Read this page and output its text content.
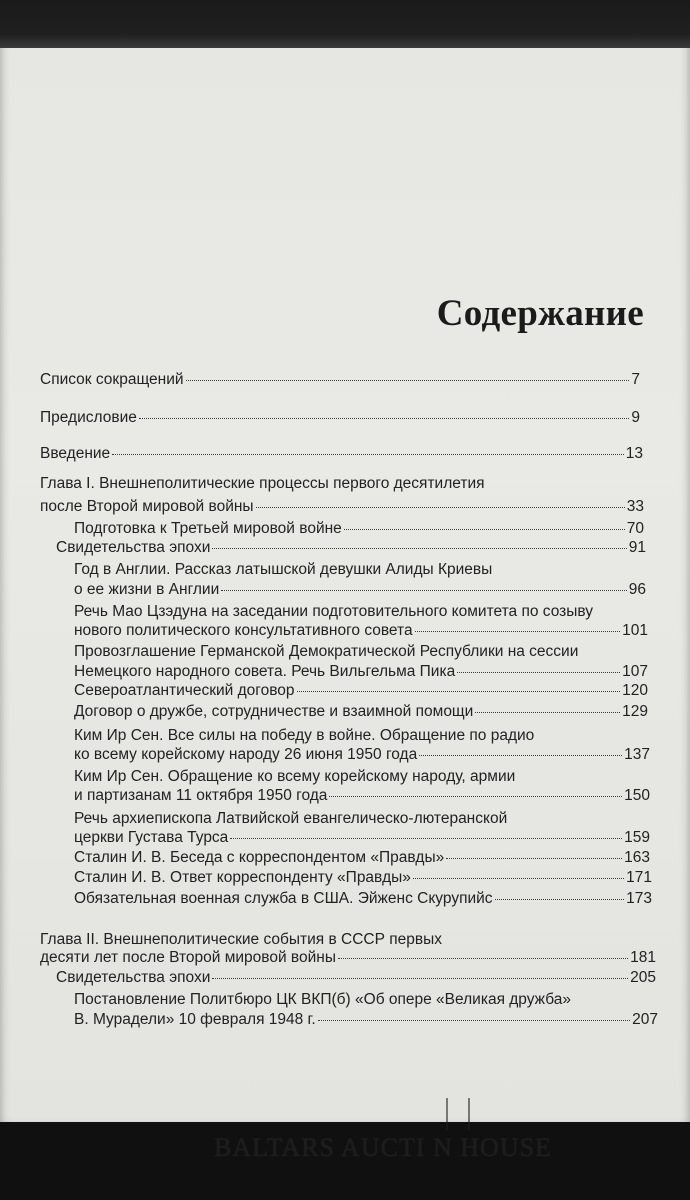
Содержание
Список сокращений	7
Предисловие	9
Введение	13
Глава I. Внешнеполитические процессы первого десятилетия
после Второй мировой войны	33
Подготовка к Третьей мировой войне	70
Свидетельства эпохи	91
Год в Англии. Рассказ латышской девушки Алиды Криевы
о ее жизни в Англии	96
Речь Мао Цзэдуна на заседании подготовительного комитета по созыву
нового политического консультативного совета	101
Провозглашение Германской Демократической Республики на сессии
Немецкого народного совета. Речь Вильгельма Пика	107
Североатлантический договор	120
Договор о дружбе, сотрудничестве и взаимной помощи	129
Ким Ир Сен. Все силы на победу в войне. Обращение по радио
ко всему корейскому народу 26 июня 1950 года	137
Ким Ир Сен. Обращение ко всему корейскому народу, армии
и партизанам 11 октября 1950 года	150
Речь архиепископа Латвийской евангелическо-лютеранской
церкви Густава Турса	159
Сталин И. В. Беседа с корреспондентом «Правды»	163
Сталин И. В. Ответ корреспонденту «Правды»	171
Обязательная военная служба в США. Эйженс Скурупийс	173
Глава II. Внешнеполитические события в СССР первых
десяти лет после Второй мировой войны	181
Свидетельства эпохи	205
Постановление Политбюро ЦК ВКП(б) «Об опере «Великая дружба»
В. Мурадели» 10 февраля 1948 г.	207
BALTARS AUCTI N HOUSE
